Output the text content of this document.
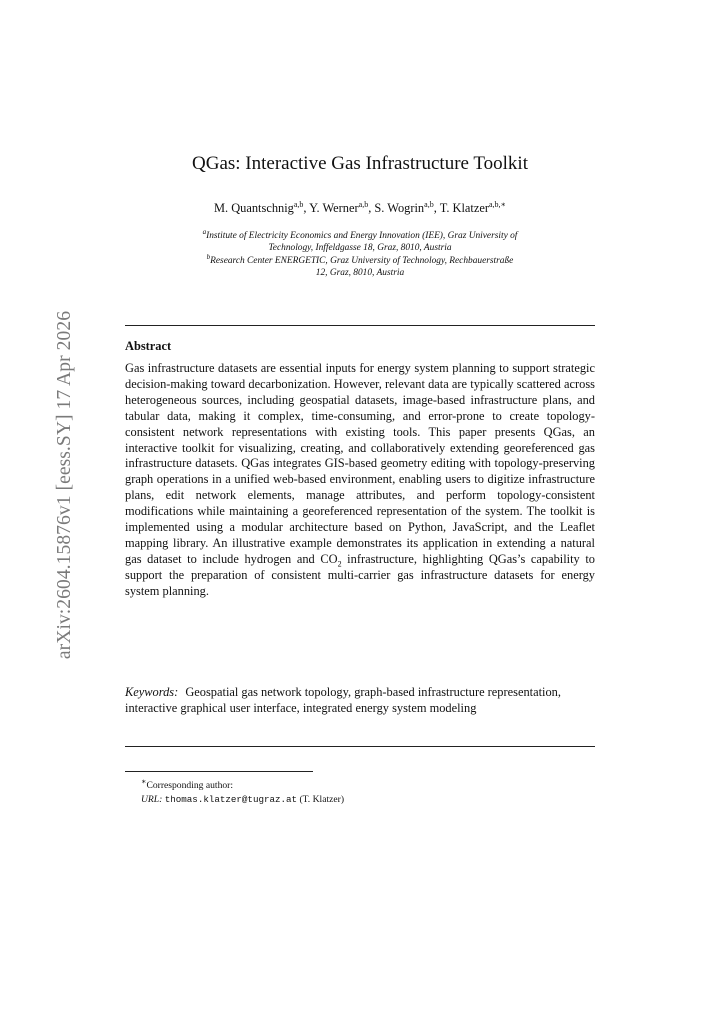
arXiv:2604.15876v1 [eess.SY] 17 Apr 2026
QGas: Interactive Gas Infrastructure Toolkit
M. Quantschnig$^{a,b}$, Y. Werner$^{a,b}$, S. Wogrin$^{a,b}$, T. Klatzer$^{a,b,∗}$
$^a$Institute of Electricity Economics and Energy Innovation (IEE), Graz University of
Technology, Inffeldgasse 18, Graz, 8010, Austria
$^b$Research Center ENERGETIC, Graz University of Technology, Rechbauerstraße
12, Graz, 8010, Austria
Abstract
Gas infrastructure datasets are essential inputs for energy system planning to support strategic decision-making toward decarbonization. However, relevant data are typically scattered across heterogeneous sources, including geospatial datasets, image-based infrastructure plans, and tabular data, making it complex, time-consuming, and error-prone to create topology-consistent network representations with existing tools. This paper presents QGas, an interactive toolkit for visualizing, creating, and collaboratively extending georeferenced gas infrastructure datasets. QGas integrates GIS-based geometry editing with topology-preserving graph operations in a unified web-based environment, enabling users to digitize infrastructure plans, edit network elements, manage attributes, and perform topology-consistent modifications while maintaining a georeferenced representation of the system. The toolkit is implemented using a modular architecture based on Python, JavaScript, and the Leaflet mapping library. An illustrative example demonstrates its application in extending a natural gas dataset to include hydrogen and $CO_2$ infrastructure, highlighting QGas’s capability to support the preparation of consistent multi-carrier gas infrastructure datasets for energy system planning.
Keywords: Geospatial gas network topology, graph-based infrastructure representation, interactive graphical user interface, integrated energy system modeling
∗Corresponding author:
URL: thomas.klatzer@tugraz.at (T. Klatzer)
